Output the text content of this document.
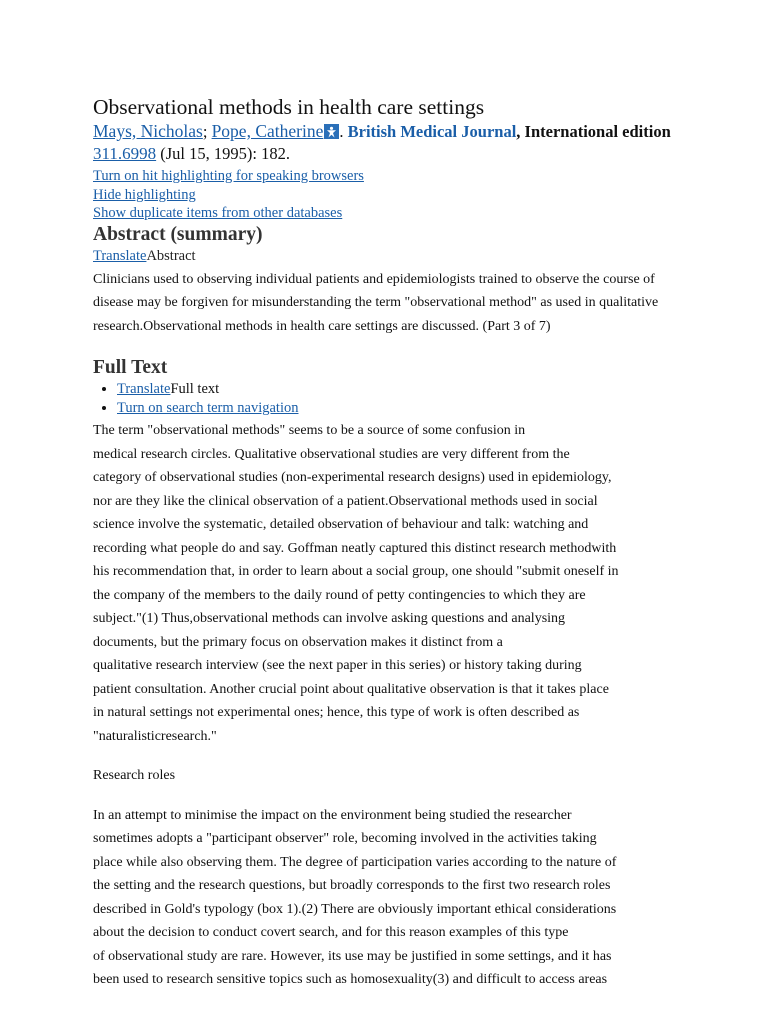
Observational methods in health care settings
Mays, Nicholas; Pope, Catherine . British Medical Journal, International edition 311.6998 (Jul 15, 1995): 182.
Turn on hit highlighting for speaking browsers
Hide highlighting
Show duplicate items from other databases
Abstract (summary)
TranslateAbstract

Clinicians used to observing individual patients and epidemiologists trained to observe the course of disease may be forgiven for misunderstanding the term "observational method" as used in qualitative research.Observational methods in health care settings are discussed. (Part 3 of 7)

Full Text
• TranslateFull text
• Turn on search term navigation

The term "observational methods" seems to be a source of some confusion in

medical research circles. Qualitative observational studies are very different from the

category of observational studies (non-experimental research designs) used in epidemiology,

nor are they like the clinical observation of a patient.Observational methods used in social

science involve the systematic, detailed observation of behaviour and talk: watching and

recording what people do and say. Goffman neatly captured this distinct research methodwith

his recommendation that, in order to learn about a social group, one should "submit oneself in

the company of the members to the daily round of petty contingencies to which they are

subject."(1) Thus,observational methods can involve asking questions and analysing

documents, but the primary focus on observation makes it distinct from a

qualitative research interview (see the next paper in this series) or history taking during

patient consultation. Another crucial point about qualitative observation is that it takes place

in natural settings not experimental ones; hence, this type of work is often described as

"naturalisticresearch."

Research roles

In an attempt to minimise the impact on the environment being studied the researcher

sometimes adopts a "participant observer" role, becoming involved in the activities taking

place while also observing them. The degree of participation varies according to the nature of

the setting and the research questions, but broadly corresponds to the first two research roles

described in Gold's typology (box 1).(2) There are obviously important ethical considerations

about the decision to conduct covert search, and for this reason examples of this type

of observational study are rare. However, its use may be justified in some settings, and it has

been used to research sensitive topics such as homosexuality(3) and difficult to access areas
